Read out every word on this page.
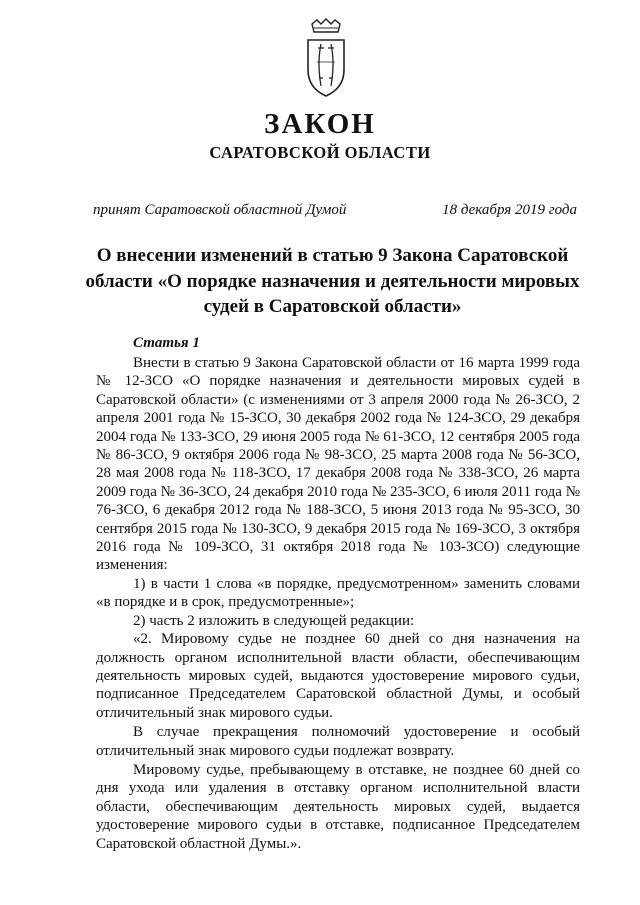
ЗАКОН
САРАТОВСКОЙ ОБЛАСТИ
принят Саратовской областной Думой	18 декабря 2019 года
О внесении изменений в статью 9 Закона Саратовской области «О порядке назначения и деятельности мировых судей в Саратовской области»
Статья 1

Внести в статью 9 Закона Саратовской области от 16 марта 1999 года № 12-ЗСО «О порядке назначения и деятельности мировых судей в Саратовской области» (с изменениями от 3 апреля 2000 года № 26-ЗСО, 2 апреля 2001 года № 15-ЗСО, 30 декабря 2002 года № 124-ЗСО, 29 декабря 2004 года № 133-ЗСО, 29 июня 2005 года № 61-ЗСО, 12 сентября 2005 года № 86-ЗСО, 9 октября 2006 года № 98-ЗСО, 25 марта 2008 года № 56-ЗСО, 28 мая 2008 года № 118-ЗСО, 17 декабря 2008 года № 338-ЗСО, 26 марта 2009 года № 36-ЗСО, 24 декабря 2010 года № 235-ЗСО, 6 июля 2011 года № 76-ЗСО, 6 декабря 2012 года № 188-ЗСО, 5 июня 2013 года № 95-ЗСО, 30 сентября 2015 года № 130-ЗСО, 9 декабря 2015 года № 169-ЗСО, 3 октября 2016 года № 109-ЗСО, 31 октября 2018 года № 103-ЗСО) следующие изменения:

1) в части 1 слова «в порядке, предусмотренном» заменить словами «в порядке и в срок, предусмотренные»;

2) часть 2 изложить в следующей редакции:

«2. Мировому судье не позднее 60 дней со дня назначения на должность органом исполнительной власти области, обеспечивающим деятельность мировых судей, выдаются удостоверение мирового судьи, подписанное Председателем Саратовской областной Думы, и особый отличительный знак мирового судьи.

В случае прекращения полномочий удостоверение и особый отличительный знак мирового судьи подлежат возврату.

Мировому судье, пребывающему в отставке, не позднее 60 дней со дня ухода или удаления в отставку органом исполнительной власти области, обеспечивающим деятельность мировых судей, выдается удостоверение мирового судьи в отставке, подписанное Председателем Саратовской областной Думы.».
